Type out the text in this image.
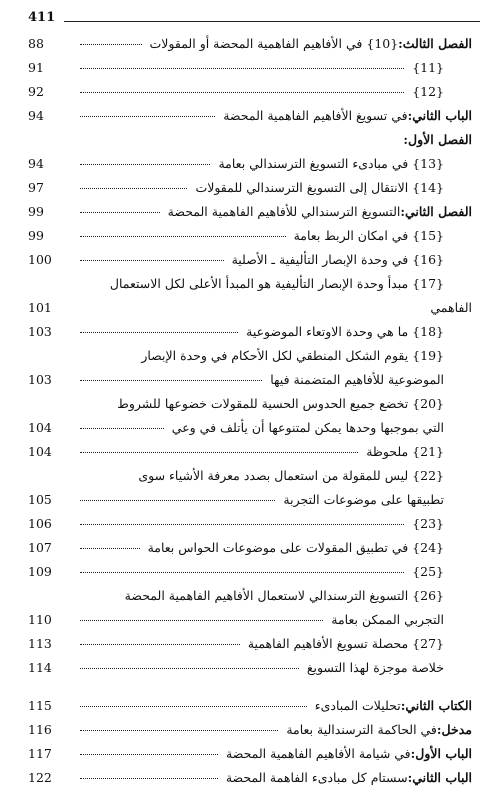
411
88	الفصل الثالث:
{10} في الأفاهيم الفاهمية المحضة أو المقولات
91	{11}
92	{12}
94	الباب الثاني:
في تسويغ الأفاهيم الفاهمية المحضة
الفصل الأول:
94	{13} في مبادىء التسويغ الترسندالي بعامة
97	{14} الانتقال إلى التسويغ الترسندالي للمقولات
99	الفصل الثاني:
التسويغ الترسندالي للأفاهيم الفاهمية المحضة
99	{15} في امكان الربط بعامة
100	{16} في وحدة الإبصار التأليفية ـ الأصلية
{17} مبدأ وحدة الإبصار التأليفية هو المبدأ الأعلى لكل الاستعمال
101	الفاهمي
103	{18} ما هي وحدة الاوتعاء الموضوعية
{19} يقوم الشكل المنطقي لكل الأحكام في وحدة الإبصار
103	الموضوعية للأفاهيم المتضمنة فيها
{20} تخضع جميع الحدوس الحسية للمقولات خضوعها للشروط
104	التي بموجبها وحدها يمكن لمتنوعها أن يأتلف في وعي
104	{21} ملحوظة
{22} ليس للمقولة من استعمال بصدد معرفة الأشياء سوى
105	تطبيقها على موضوعات التجربة
106	{23}
107	{24} في تطبيق المقولات على موضوعات الحواس بعامة
109	{25}
{26} التسويغ الترسندالي لاستعمال الأفاهيم الفاهمية المحضة
110	التجربي الممكن بعامة
113	{27} محصلة تسويغ الأفاهيم الفاهمية
114	خلاصة موجزة لهذا التسويغ
115	الكتاب الثاني:
تحليلات المبادىء
116	مدخل:
في الحاكمة الترسندالية بعامة
117	الباب الأول:
في شيامة الأفاهيم الفاهمية المحضة
122	الباب الثاني:
سستام كل مبادىء الفاهمة المحضة
